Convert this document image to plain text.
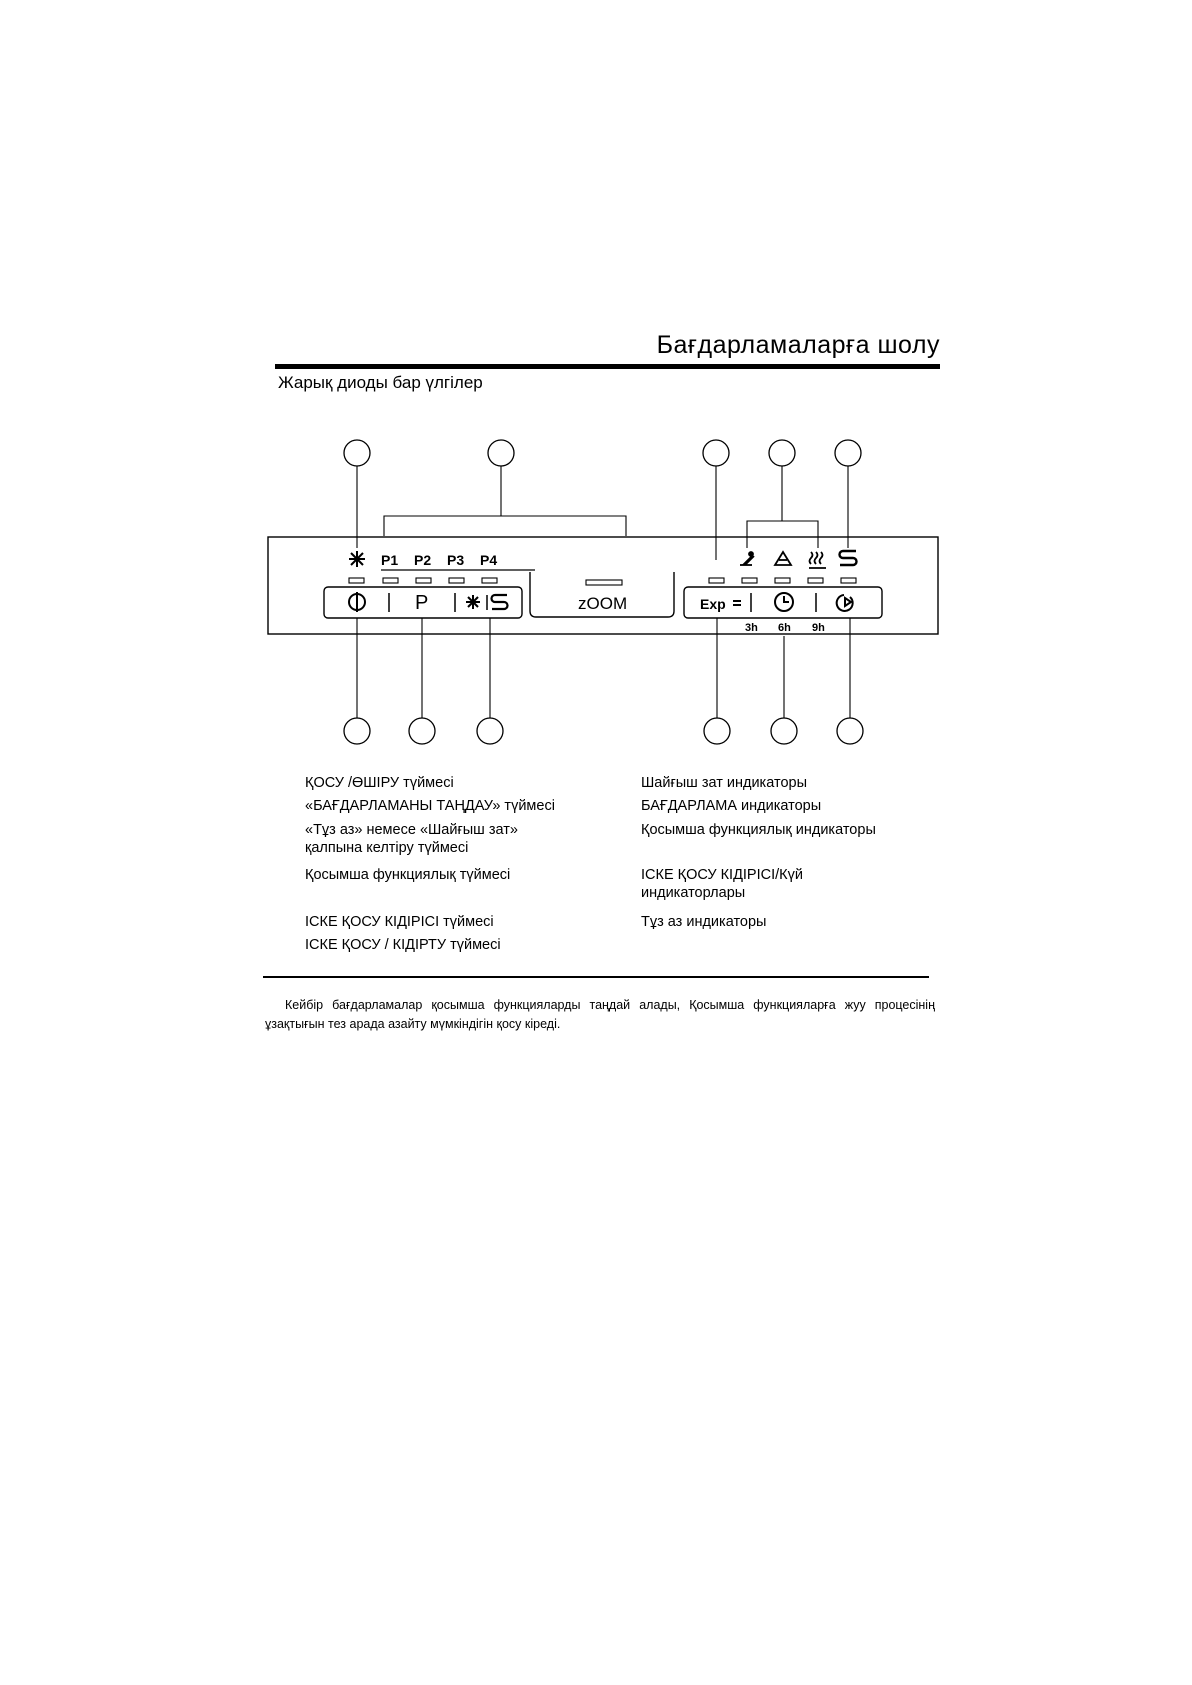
Бағдарламаларға шолу
Жарық диоды бар үлгілер
P1 P2 P3 P4
P	zOOM	Exp
3h 6h 9h
ҚОСУ /ӨШІРУ түймесі
«БАҒДАРЛАМАНЫ ТАҢДАУ» түймесі
«Тұз аз» немесе «Шайғыш зат»
қалпына келтіру түймесі
Қосымша функциялық түймесі
ІСКЕ ҚОСУ КІДІРІСІ түймесі
ІСКЕ ҚОСУ / КІДІРТУ түймесі
Шайғыш зат индикаторы
БАҒДАРЛАМА индикаторы
Қосымша функциялық индикаторы
ІСКЕ ҚОСУ КІДІРІСІ/Күй
индикаторлары
Тұз аз индикаторы
Кейбір бағдарламалар қосымша функцияларды таңдай алады, Қосымша функцияларға жуу процесінің ұзақтығын тез арада азайту мүмкіндігін қосу кіреді.
